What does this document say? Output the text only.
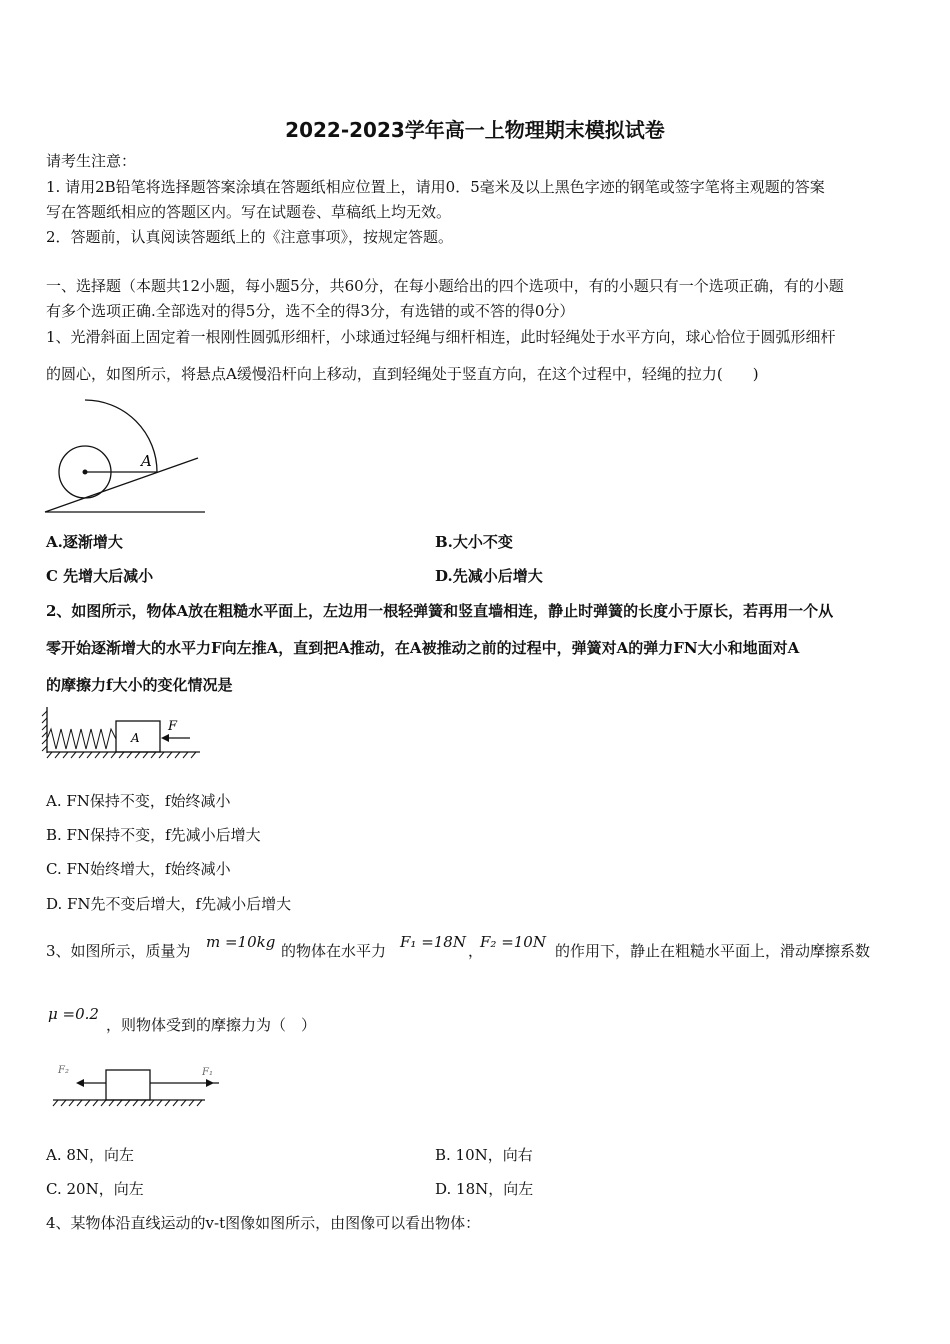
2022-2023学年高一上物理期末模拟试卷
请考生注意：
1. 请用2B铅笔将选择题答案涂填在答题纸相应位置上，请用0．5毫米及以上黑色字迹的钢笔或签字笔将主观题的答案
写在答题纸相应的答题区内。写在试题卷、草稿纸上均无效。
2．答题前，认真阅读答题纸上的《注意事项》，按规定答题。
一、选择题（本题共12小题，每小题5分，共60分，在每小题给出的四个选项中，有的小题只有一个选项正确，有的小题
有多个选项正确.全部选对的得5分，选不全的得3分，有选错的或不答的得0分）
1、光滑斜面上固定着一根刚性圆弧形细杆，小球通过轻绳与细杆相连，此时轻绳处于水平方向，球心恰位于圆弧形细杆
的圆心，如图所示，将悬点A缓慢沿杆向上移动，直到轻绳处于竖直方向，在这个过程中，轻绳的拉力(　　)
A
A.逐渐增大	B.大小不变
C 先增大后减小	D.先减小后增大
2、如图所示，物体A放在粗糙水平面上，左边用一根轻弹簧和竖直墙相连，静止时弹簧的长度小于原长，若再用一个从
零开始逐渐增大的水平力F向左推A，直到把A推动，在A被推动之前的过程中，弹簧对A的弹力FN大小和地面对A
的摩擦力f大小的变化情况是
A
F
A. FN保持不变，f始终减小
B. FN保持不变，f先减小后增大
C. FN始终增大，f始终减小
D. FN先不变后增大，f先减小后增大
3、如图所示，质量为 m =10kg 的物体在水平力 F₁ =18N ，
F₂ =10N 的作用下，静止在粗糙水平面上，滑动摩擦系数
μ =0.2
，则物体受到的摩擦力为（　）
F₂	F₁
A. 8N，向左	B. 10N，向右
C. 20N，向左	D. 18N，向左
4、某物体沿直线运动的v-t图像如图所示，由图像可以看出物体：
